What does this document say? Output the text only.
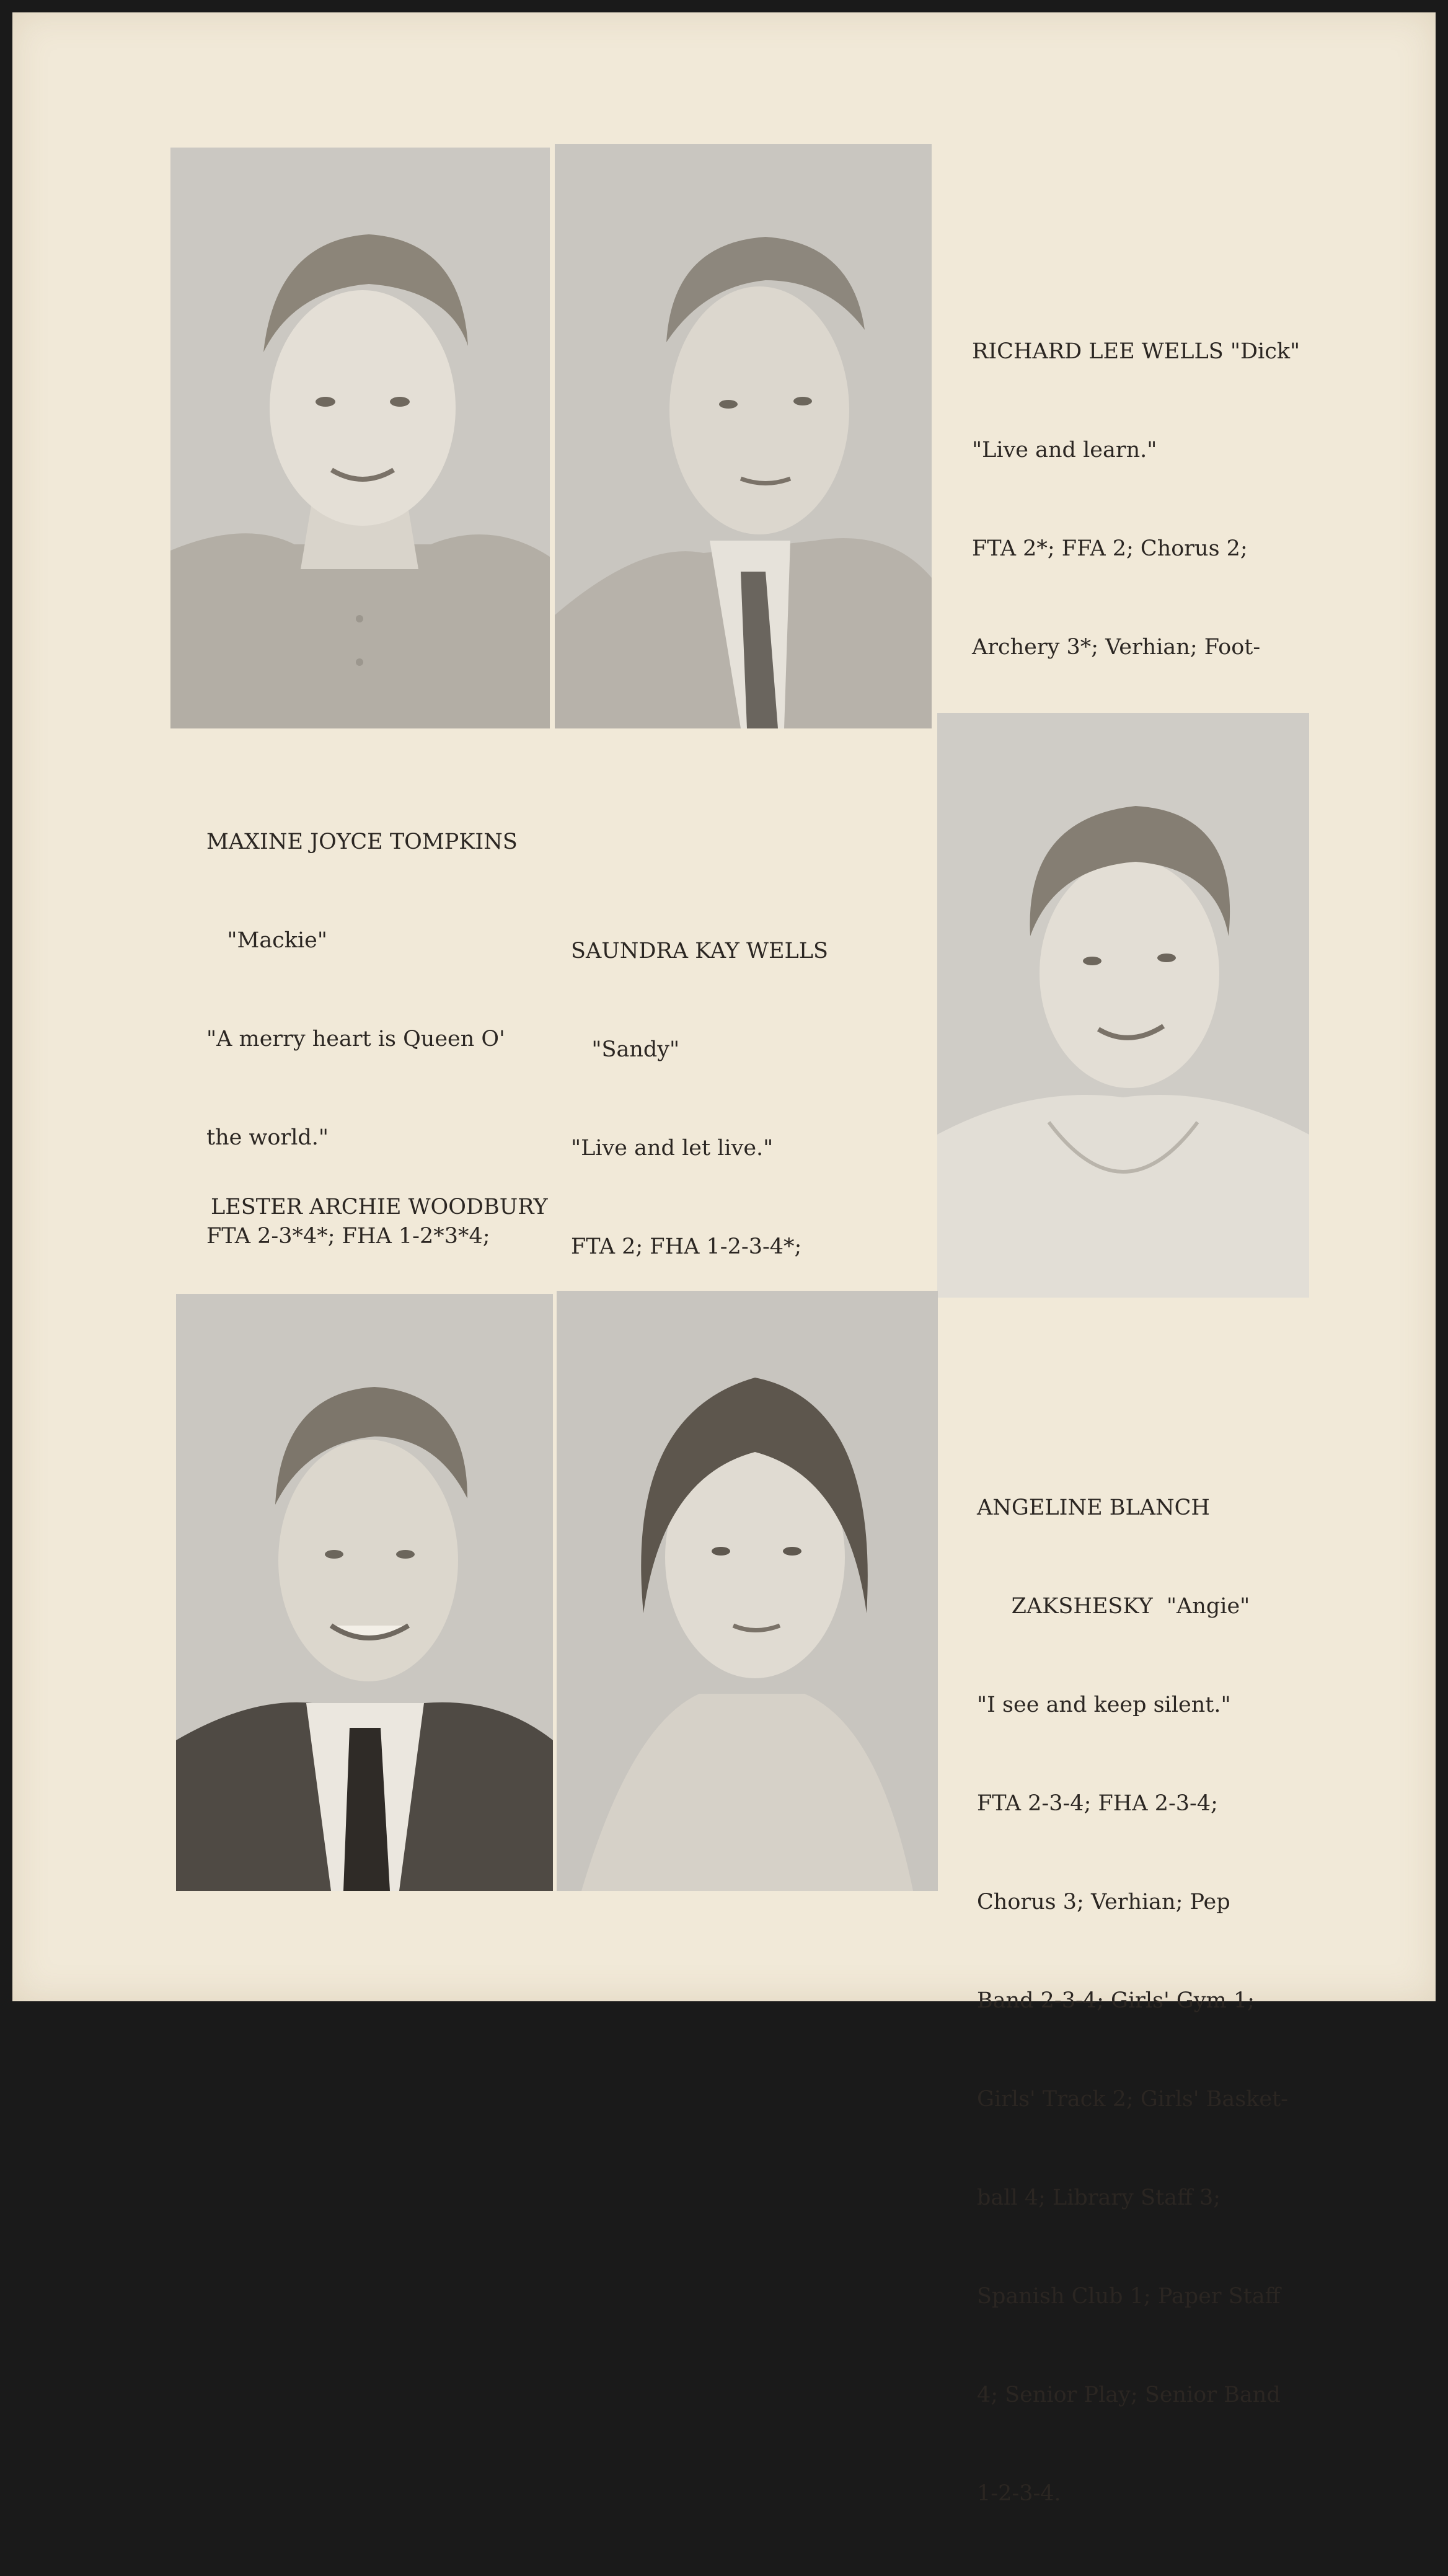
RICHARD LEE WELLS "Dick"

"Live and learn."

FTA 2*; FFA 2; Chorus 2;

Archery 3*; Verhian; Foot-

MAXINE JOYCE TOMPKINS

"Mackie"

"A merry heart is Queen O'

the world."

FTA 2-3*4*; FHA 1-2*3*4;

SAUNDRA KAY WELLS

"Sandy"

"Live and let live."

FTA 2; FHA 1-2-3-4*;

LESTER ARCHIE WOODBURY

ANGELINE BLANCH

ZAKSHESKY  "Angie"

"I see and keep silent."

FTA 2-3-4; FHA 2-3-4;

Chorus 3; Verhian; Pep

Band 2-3-4; Girls' Gym 1;

Girls' Track 2; Girls' Basket-

ball 4; Library Staff 3;

Spanish Club 1; Paper Staff

4; Senior Play; Senior Band

1-2-3-4.
